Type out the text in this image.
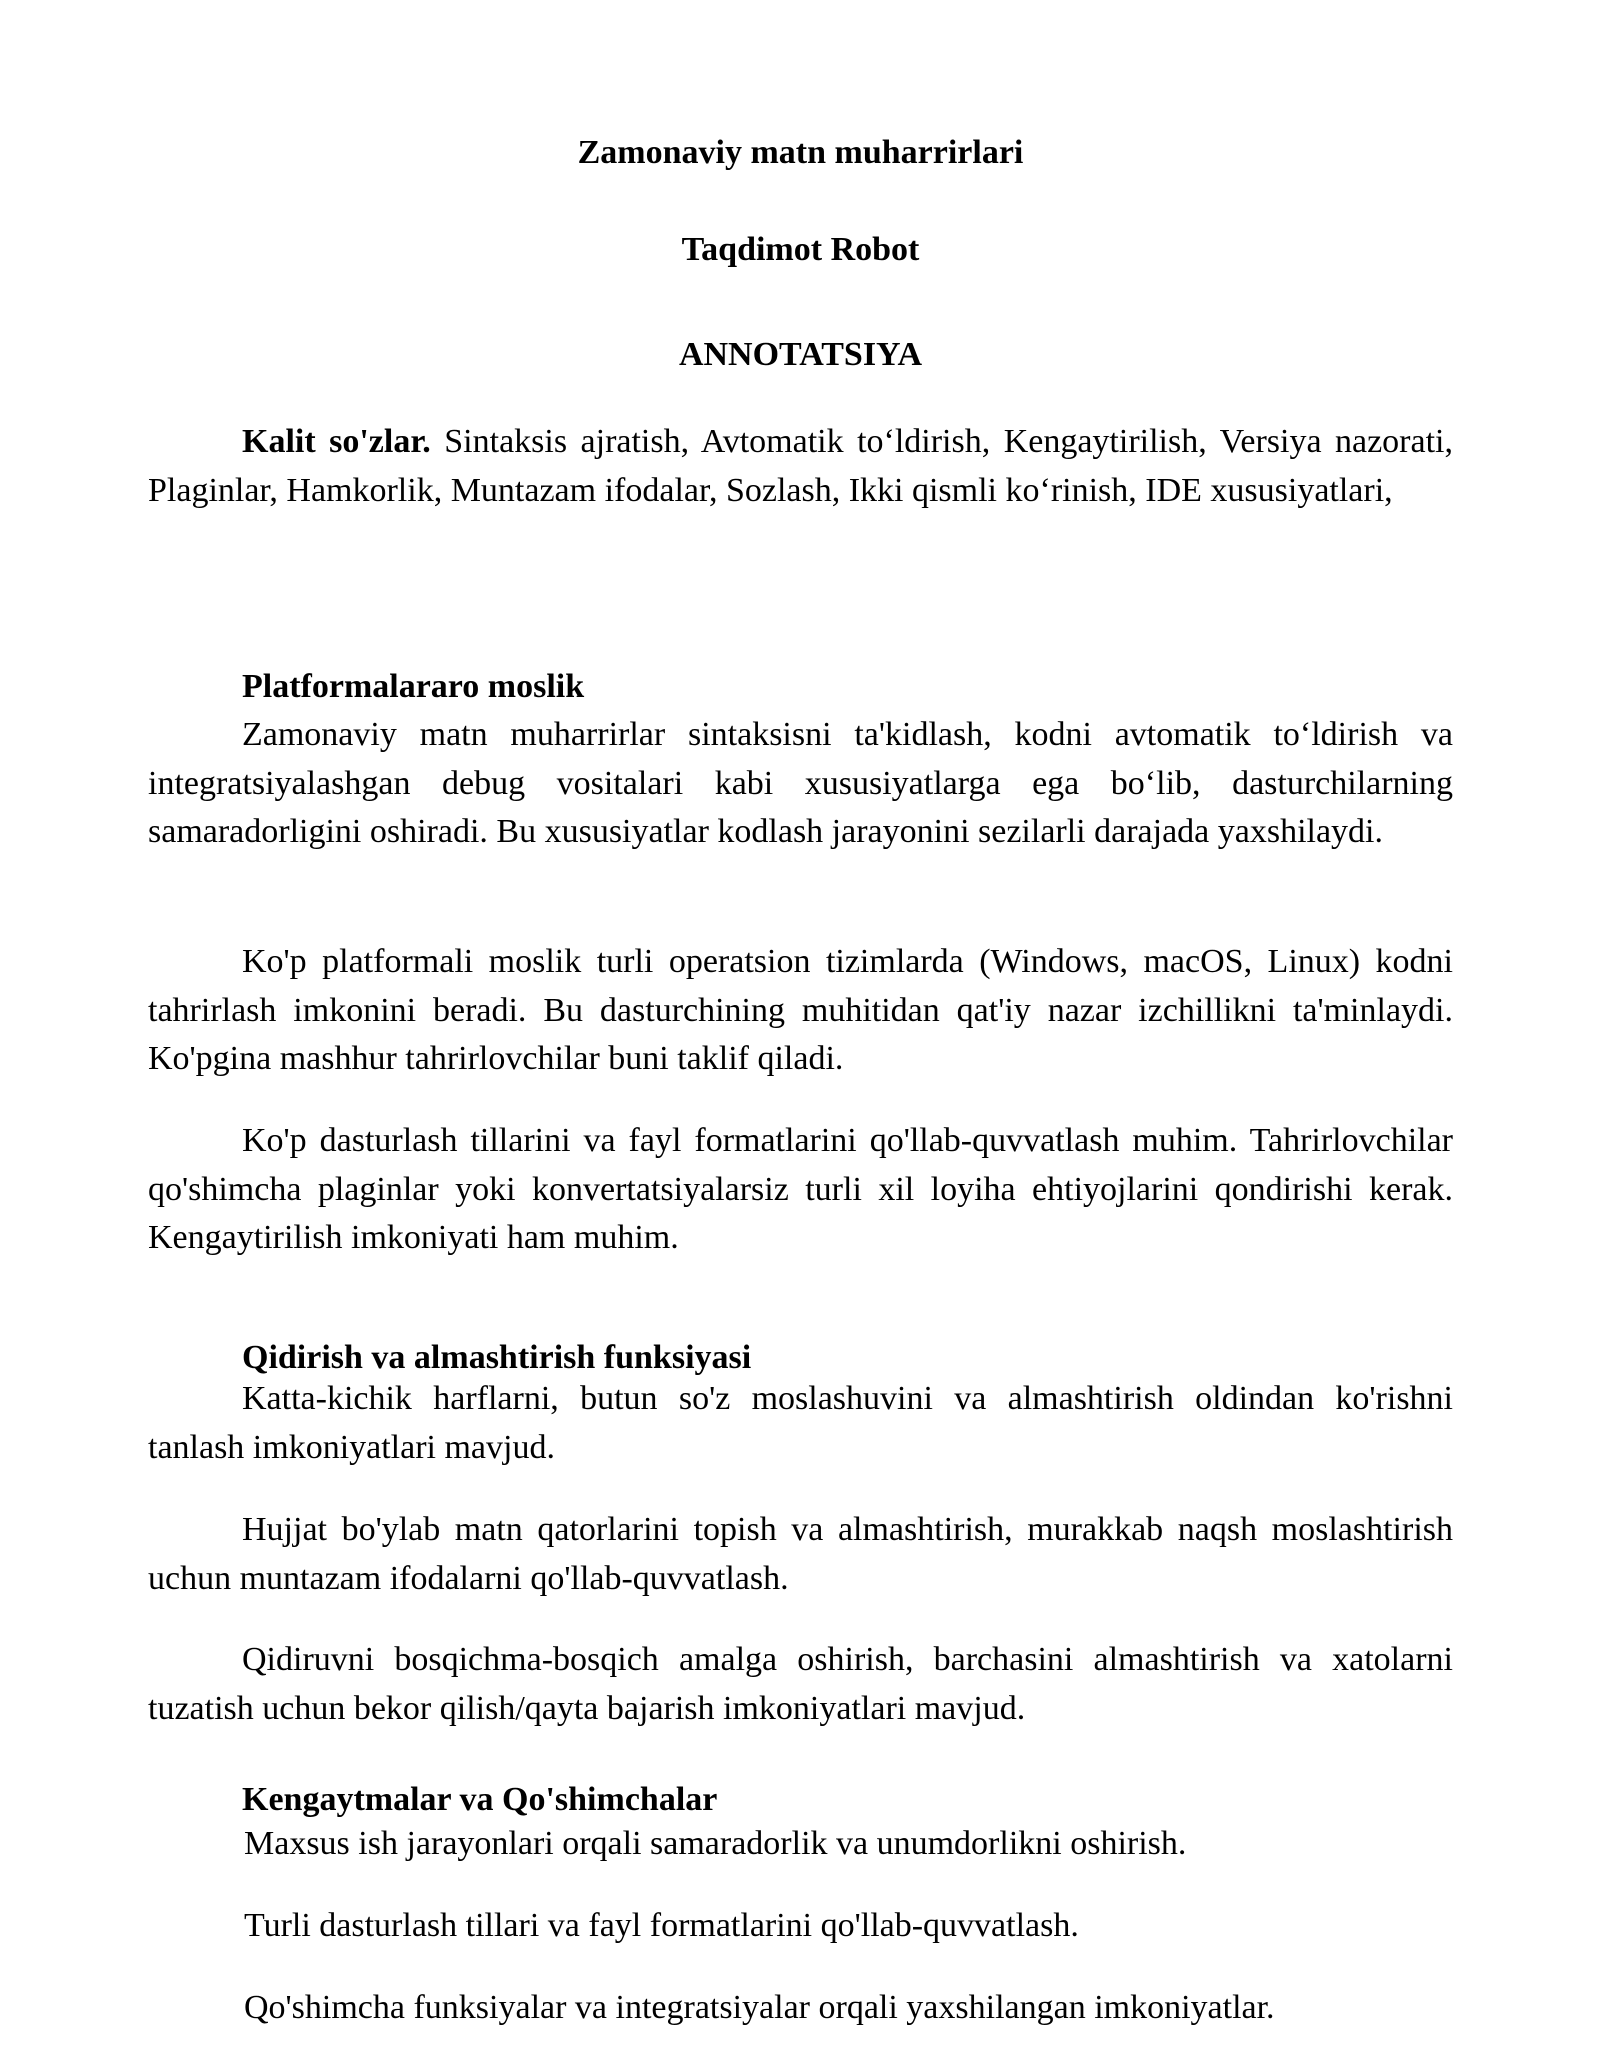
Zamonaviy matn muharrirlari
Taqdimot Robot
ANNOTATSIYA

Kalit so'zlar. Sintaksis ajratish, Avtomatik to‘ldirish, Kengaytirilish, Versiya nazorati, Plaginlar, Hamkorlik, Muntazam ifodalar, Sozlash, Ikki qismli ko‘rinish, IDE xususiyatlari,

Platformalararo moslik

Zamonaviy matn muharrirlar sintaksisni ta'kidlash, kodni avtomatik to‘ldirish va integratsiyalashgan debug vositalari kabi xususiyatlarga ega bo‘lib, dasturchilarning samaradorligini oshiradi. Bu xususiyatlar kodlash jarayonini sezilarli darajada yaxshilaydi.

Ko'p platformali moslik turli operatsion tizimlarda (Windows, macOS, Linux) kodni tahrirlash imkonini beradi. Bu dasturchining muhitidan qat'iy nazar izchillikni ta'minlaydi. Ko'pgina mashhur tahrirlovchilar buni taklif qiladi.

Ko'p dasturlash tillarini va fayl formatlarini qo'llab-quvvatlash muhim. Tahrirlovchilar qo'shimcha plaginlar yoki konvertatsiyalarsiz turli xil loyiha ehtiyojlarini qondirishi kerak. Kengaytirilish imkoniyati ham muhim.

Qidirish va almashtirish funksiyasi

Katta-kichik harflarni, butun so'z moslashuvini va almashtirish oldindan ko'rishni tanlash imkoniyatlari mavjud.

Hujjat bo'ylab matn qatorlarini topish va almashtirish, murakkab naqsh moslashtirish uchun muntazam ifodalarni qo'llab-quvvatlash.

Qidiruvni bosqichma-bosqich amalga oshirish, barchasini almashtirish va xatolarni tuzatish uchun bekor qilish/qayta bajarish imkoniyatlari mavjud.

Kengaytmalar va Qo'shimchalar

Maxsus ish jarayonlari orqali samaradorlik va unumdorlikni oshirish.

Turli dasturlash tillari va fayl formatlarini qo'llab-quvvatlash.

Qo'shimcha funksiyalar va integratsiyalar orqali yaxshilangan imkoniyatlar.
